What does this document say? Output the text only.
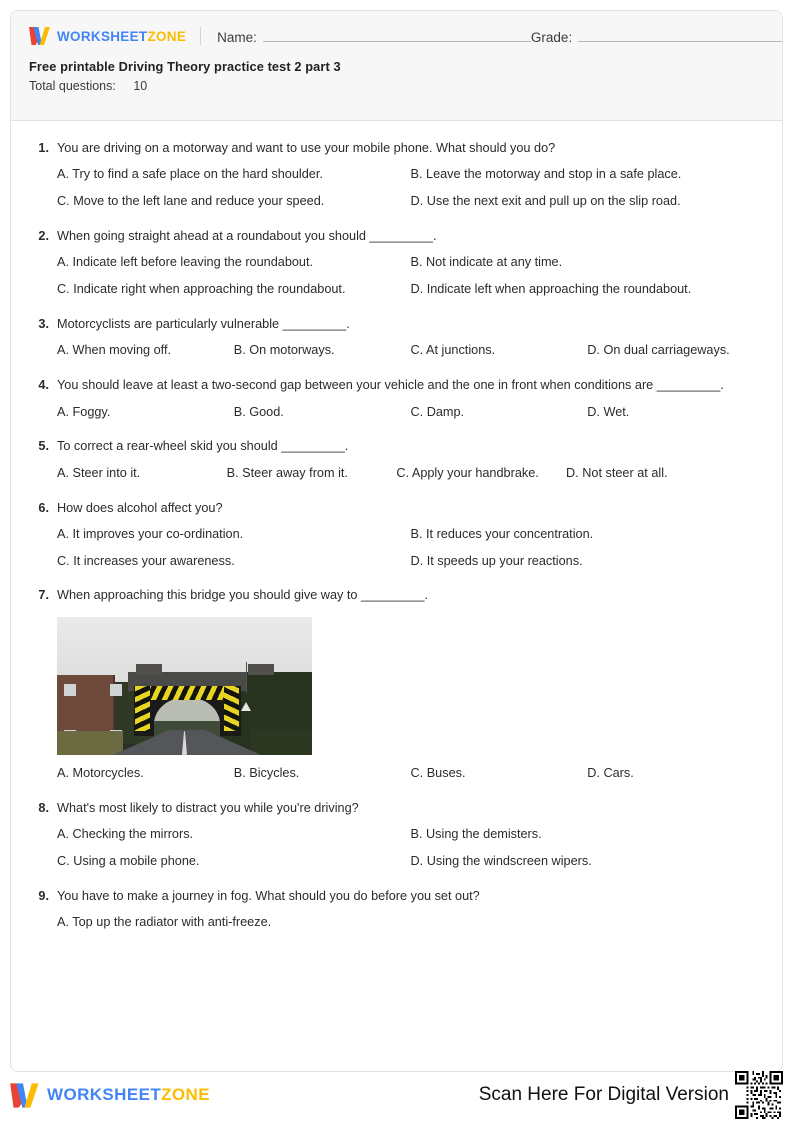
WORKSHEETZONE Name:	Grade:
Free printable Driving Theory practice test 2 part 3
Total questions: 10
1. You are driving on a motorway and want to use your mobile phone. What should you do?
A. Try to find a safe place on the hard shoulder.	B. Leave the motorway and stop in a safe place.
C. Move to the left lane and reduce your speed.	D. Use the next exit and pull up on the slip road.
2. When going straight ahead at a roundabout you should _________.
A. Indicate left before leaving the roundabout.	B. Not indicate at any time.
C. Indicate right when approaching the roundabout.	D. Indicate left when approaching the roundabout.
3. Motorcyclists are particularly vulnerable _________.
A. When moving off.	B. On motorways.	C. At junctions.	D. On dual carriageways.
4. You should leave at least a two-second gap between your vehicle and the one in front when conditions are _________.
A. Foggy.	B. Good.	C. Damp.	D. Wet.
5. To correct a rear-wheel skid you should _________.
A. Steer into it.	B. Steer away from it.	C. Apply your handbrake.	D. Not steer at all.
6. How does alcohol affect you?
A. It improves your co-ordination.	B. It reduces your concentration.
C. It increases your awareness.	D. It speeds up your reactions.
7. When approaching this bridge you should give way to _________.
A. Motorcycles.	B. Bicycles.	C. Buses.	D. Cars.
8. What's most likely to distract you while you're driving?
A. Checking the mirrors.	B. Using the demisters.
C. Using a mobile phone.	D. Using the windscreen wipers.
9. You have to make a journey in fog. What should you do before you set out?
A. Top up the radiator with anti-freeze.
WORKSHEETZONE	Scan Here For Digital Version
